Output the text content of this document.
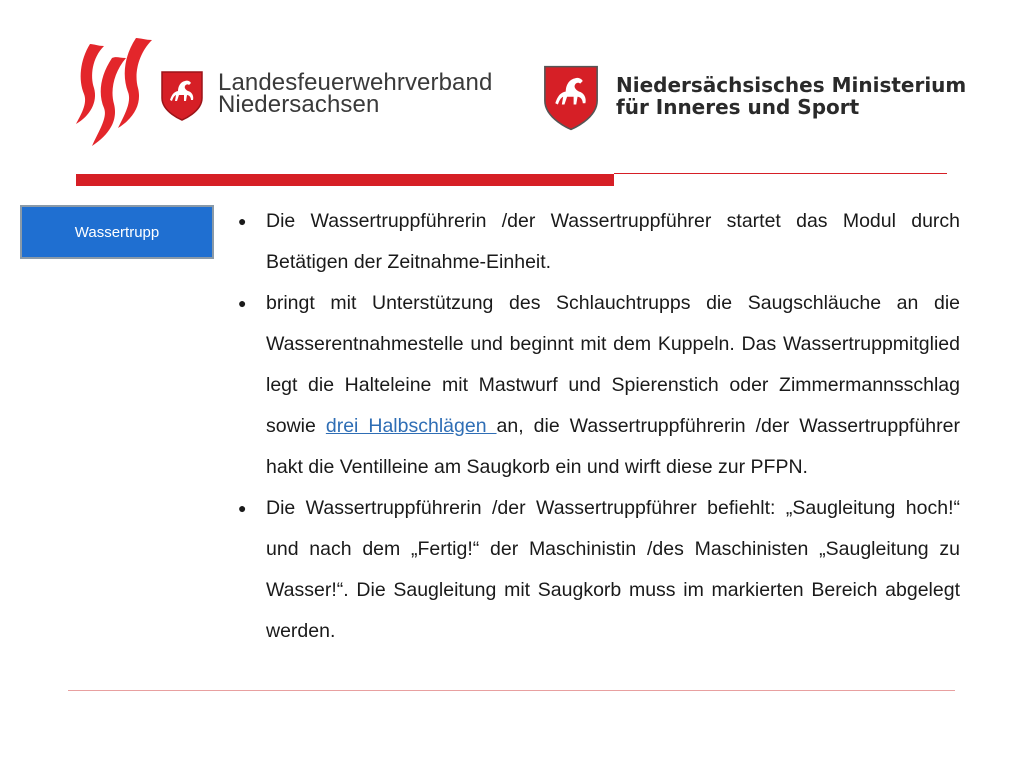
Landesfeuerwehrverband
Niedersachsen
Niedersächsisches Ministerium
für Inneres und Sport
Wassertrupp
● Die Wassertruppführerin /der Wassertruppführer startet das Modul durch Betätigen der Zeitnahme-Einheit.
● bringt mit Unterstützung des Schlauchtrupps die Saugschläuche an die Wasserentnahmestelle und beginnt mit dem Kuppeln. Das Wassertruppmitglied legt die Halteleine mit Mastwurf und Spierenstich oder Zimmermannsschlag sowie drei Halbschlägen an, die Wassertruppführerin /der Wassertruppführer hakt die Ventilleine am Saugkorb ein und wirft diese zur PFPN.
● Die Wassertruppführerin /der Wassertruppführer befiehlt: „Saugleitung hoch!“ und nach dem „Fertig!“ der Maschinistin /des Maschinisten „Saugleitung zu Wasser!“. Die Saugleitung mit Saugkorb muss im markierten Bereich abgelegt werden.
